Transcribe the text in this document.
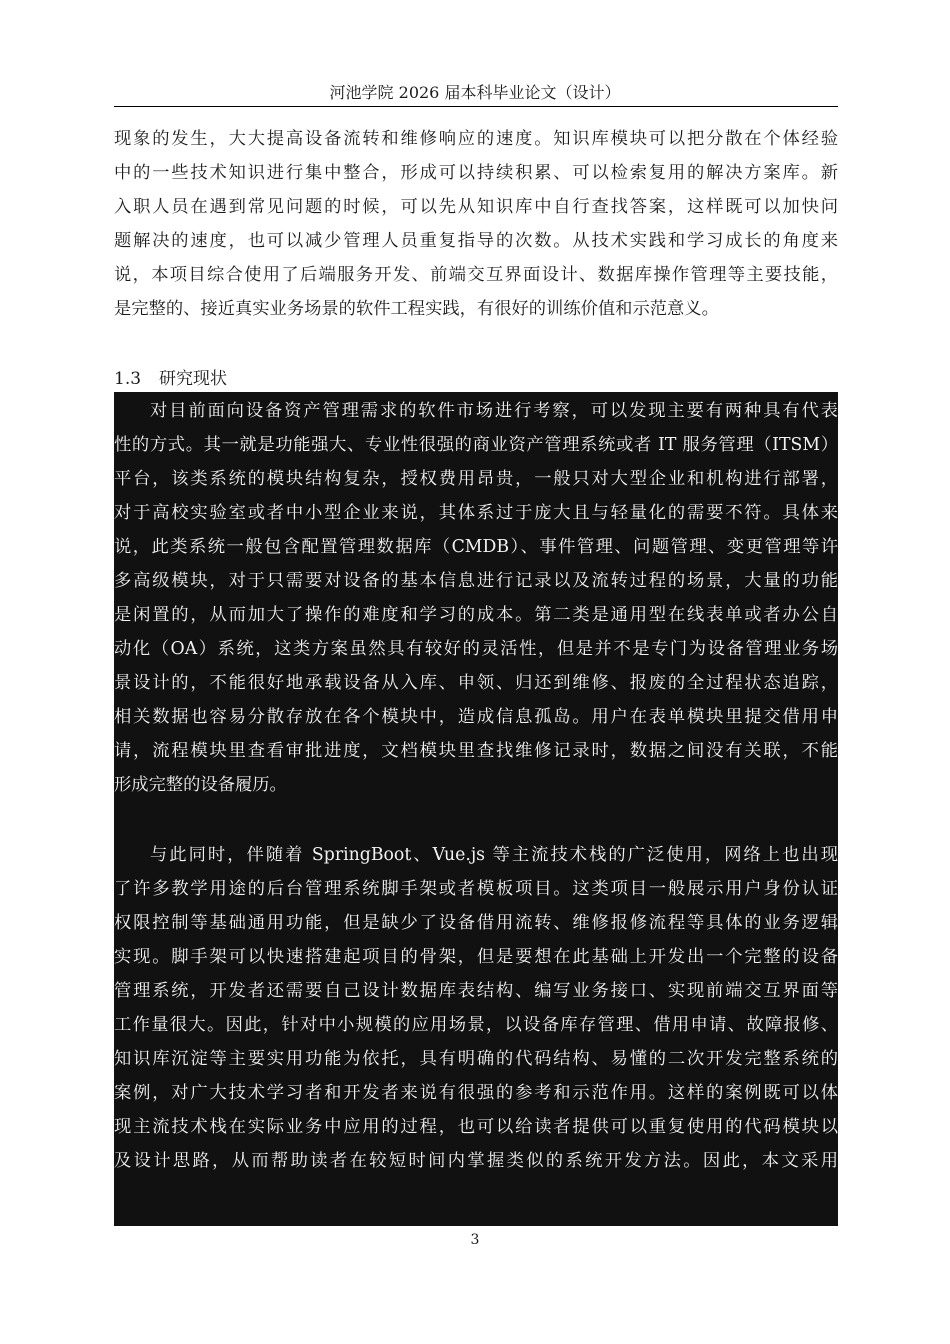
河池学院 2026 届本科毕业论文（设计）
现象的发生，大大提高设备流转和维修响应的速度。知识库模块可以把分散在个体经验
中的一些技术知识进行集中整合，形成可以持续积累、可以检索复用的解决方案库。新
入职人员在遇到常见问题的时候，可以先从知识库中自行查找答案，这样既可以加快问
题解决的速度，也可以减少管理人员重复指导的次数。从技术实践和学习成长的角度来
说，本项目综合使用了后端服务开发、前端交互界面设计、数据库操作管理等主要技能，
是完整的、接近真实业务场景的软件工程实践，有很好的训练价值和示范意义。
1.3 研究现状
对目前面向设备资产管理需求的软件市场进行考察，可以发现主要有两种具有代表
性的方式。其一就是功能强大、专业性很强的商业资产管理系统或者 IT 服务管理（ITSM）
平台，该类系统的模块结构复杂，授权费用昂贵，一般只对大型企业和机构进行部署，
对于高校实验室或者中小型企业来说，其体系过于庞大且与轻量化的需要不符。具体来
说，此类系统一般包含配置管理数据库（CMDB）、事件管理、问题管理、变更管理等许
多高级模块，对于只需要对设备的基本信息进行记录以及流转过程的场景，大量的功能
是闲置的，从而加大了操作的难度和学习的成本。第二类是通用型在线表单或者办公自
动化（OA）系统，这类方案虽然具有较好的灵活性，但是并不是专门为设备管理业务场
景设计的，不能很好地承载设备从入库、申领、归还到维修、报废的全过程状态追踪，
相关数据也容易分散存放在各个模块中，造成信息孤岛。用户在表单模块里提交借用申
请，流程模块里查看审批进度，文档模块里查找维修记录时，数据之间没有关联，不能
形成完整的设备履历。
与此同时，伴随着 SpringBoot、Vue.js 等主流技术栈的广泛使用，网络上也出现
了许多教学用途的后台管理系统脚手架或者模板项目。这类项目一般展示用户身份认证
权限控制等基础通用功能，但是缺少了设备借用流转、维修报修流程等具体的业务逻辑
实现。脚手架可以快速搭建起项目的骨架，但是要想在此基础上开发出一个完整的设备
管理系统，开发者还需要自己设计数据库表结构、编写业务接口、实现前端交互界面等
工作量很大。因此，针对中小规模的应用场景，以设备库存管理、借用申请、故障报修、
知识库沉淀等主要实用功能为依托，具有明确的代码结构、易懂的二次开发完整系统的
案例，对广大技术学习者和开发者来说有很强的参考和示范作用。这样的案例既可以体
现主流技术栈在实际业务中应用的过程，也可以给读者提供可以重复使用的代码模块以
及设计思路，从而帮助读者在较短时间内掌握类似的系统开发方法。因此，本文采用
3
